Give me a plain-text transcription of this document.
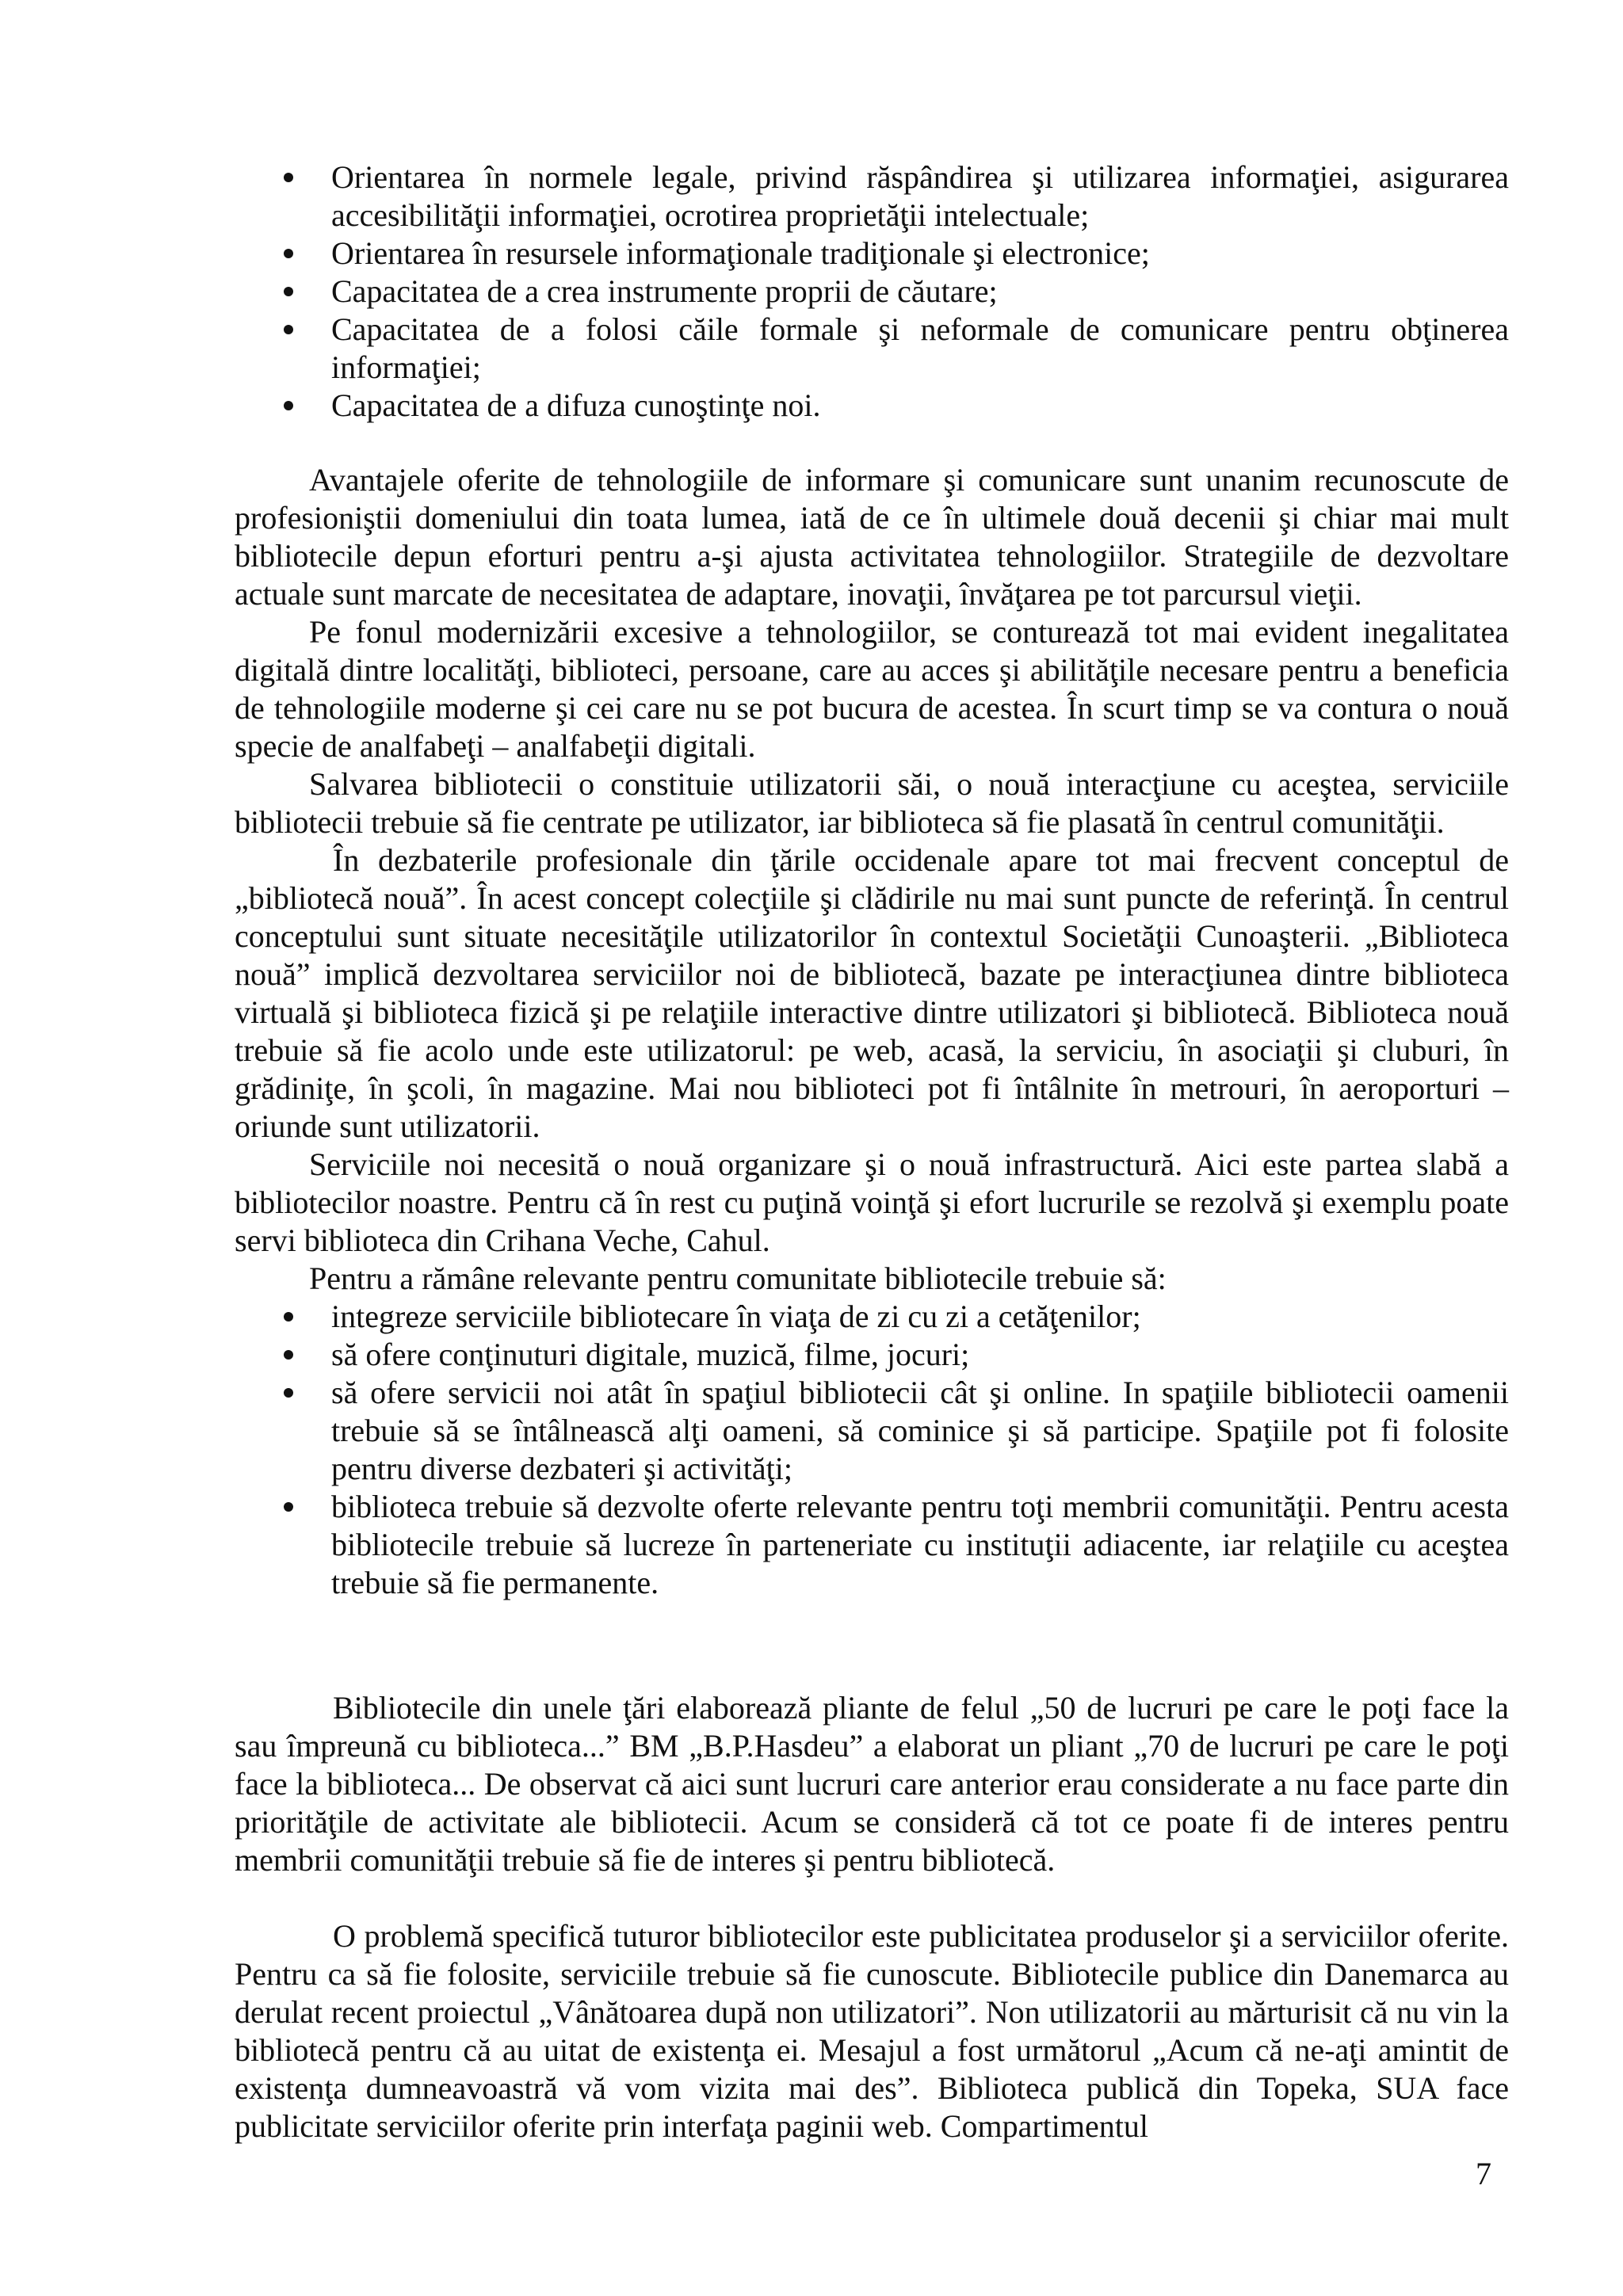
Orientarea în normele legale, privind răspândirea şi utilizarea informaţiei, asigurarea accesibilităţii informaţiei, ocrotirea proprietăţii intelectuale;
Orientarea în resursele informaţionale tradiţionale şi electronice;
Capacitatea de a crea instrumente proprii de căutare;
Capacitatea de a folosi căile formale şi neformale de comunicare pentru obţinerea informaţiei;
Capacitatea de a difuza cunoştinţe noi.

Avantajele oferite de tehnologiile de informare şi comunicare sunt unanim recunoscute de profesioniştii domeniului din toata lumea, iată de ce în ultimele două decenii şi chiar mai mult bibliotecile depun eforturi pentru a-şi ajusta activitatea tehnologiilor. Strategiile de dezvoltare actuale sunt marcate de necesitatea de adaptare, inovaţii, învăţarea pe tot parcursul vieţii.

Pe fonul modernizării excesive a tehnologiilor, se conturează tot mai evident inegalitatea digitală dintre localităţi, biblioteci, persoane, care au acces şi abilităţile necesare pentru a beneficia de tehnologiile moderne şi cei care nu se pot bucura de acestea. În scurt timp se va contura o nouă specie de analfabeţi – analfabeţii digitali.

Salvarea bibliotecii o constituie utilizatorii săi, o nouă interacţiune cu aceştea, serviciile bibliotecii trebuie să fie centrate pe utilizator, iar biblioteca să fie plasată în centrul comunităţii.

În dezbaterile profesionale din ţările occidenale apare tot mai frecvent conceptul de „bibliotecă nouă”. În acest concept colecţiile şi clădirile nu mai sunt puncte de referinţă. În centrul conceptului sunt situate necesităţile utilizatorilor în contextul Societăţii Cunoaşterii. „Biblioteca nouă” implică dezvoltarea serviciilor noi de bibliotecă, bazate pe interacţiunea dintre biblioteca virtuală şi biblioteca fizică şi pe relaţiile interactive dintre utilizatori şi bibliotecă. Biblioteca nouă trebuie să fie acolo unde este utilizatorul: pe web, acasă, la serviciu, în asociaţii şi cluburi, în grădiniţe, în şcoli, în magazine. Mai nou biblioteci pot fi întâlnite în metrouri, în aeroporturi – oriunde sunt utilizatorii.

Serviciile noi necesită o nouă organizare şi o nouă infrastructură. Aici este partea slabă a bibliotecilor noastre. Pentru că în rest cu puţină voinţă şi efort lucrurile se rezolvă şi exemplu poate servi biblioteca din Crihana Veche, Cahul.

Pentru a rămâne relevante pentru comunitate bibliotecile trebuie să:

integreze serviciile bibliotecare în viaţa de zi cu zi a cetăţenilor;
să ofere conţinuturi digitale, muzică, filme, jocuri;
să ofere servicii noi atât în spaţiul bibliotecii cât şi online. In spaţiile bibliotecii oamenii trebuie să se întâlnească alţi oameni, să cominice şi să participe. Spaţiile pot fi folosite pentru diverse dezbateri şi activităţi;
biblioteca trebuie să dezvolte oferte relevante pentru toţi membrii comunităţii. Pentru acesta bibliotecile trebuie să lucreze în parteneriate cu instituţii adiacente, iar relaţiile cu aceştea trebuie să fie permanente.

Bibliotecile din unele ţări elaborează pliante de felul „50 de lucruri pe care le poţi face la sau împreună cu biblioteca...” BM „B.P.Hasdeu” a elaborat un pliant „70 de lucruri pe care le poţi face la biblioteca... De observat că aici sunt lucruri care anterior erau considerate a nu face parte din priorităţile de activitate ale bibliotecii. Acum se consideră că tot ce poate fi de interes pentru membrii comunităţii trebuie să fie de interes şi pentru bibliotecă.

O problemă specifică tuturor bibliotecilor este publicitatea produselor şi a serviciilor oferite. Pentru ca să fie folosite, serviciile trebuie să fie cunoscute. Bibliotecile publice din Danemarca au derulat recent proiectul „Vânătoarea după non utilizatori”. Non utilizatorii au mărturisit că nu vin la bibliotecă pentru că au uitat de existenţa ei. Mesajul a fost următorul „Acum că ne-aţi amintit de existenţa dumneavoastră vă vom vizita mai des”. Biblioteca publică din Topeka, SUA face publicitate serviciilor oferite prin interfaţa paginii web. Compartimentul

7
